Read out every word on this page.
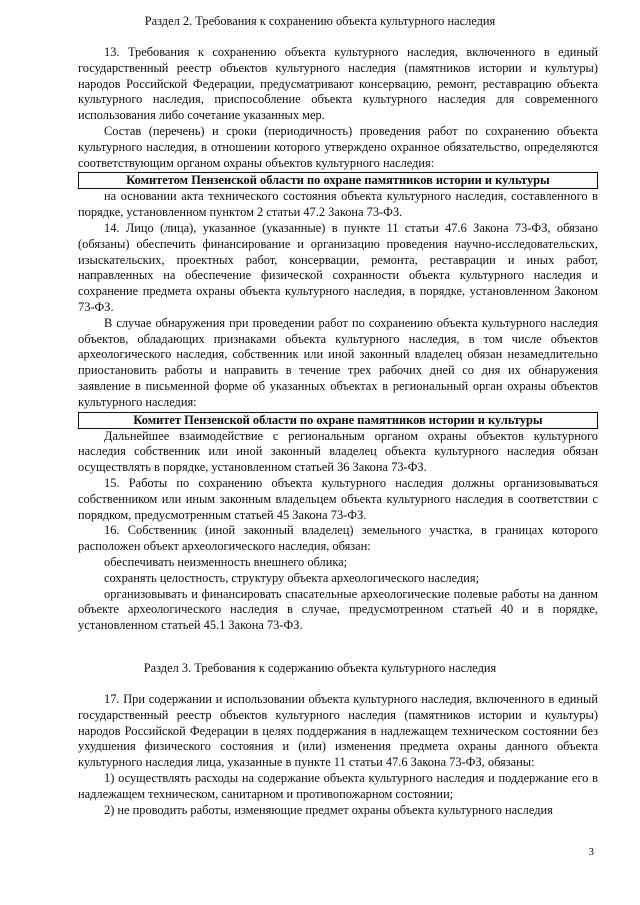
Раздел 2. Требования к сохранению объекта культурного наследия

13. Требования к сохранению объекта культурного наследия, включенного в единый государственный реестр объектов культурного наследия (памятников истории и культуры) народов Российской Федерации, предусматривают консервацию, ремонт, реставрацию объекта культурного наследия, приспособление объекта культурного наследия для современного использования либо сочетание указанных мер.

Состав (перечень) и сроки (периодичность) проведения работ по сохранению объекта культурного наследия, в отношении которого утверждено охранное обязательство, определяются соответствующим органом охраны объектов культурного наследия:

Комитетом Пензенской области по охране памятников истории и культуры

на основании акта технического состояния объекта культурного наследия, составленного в порядке, установленном пунктом 2 статьи 47.2 Закона 73-ФЗ.

14. Лицо (лица), указанное (указанные) в пункте 11 статьи 47.6 Закона 73-ФЗ, обязано (обязаны) обеспечить финансирование и организацию проведения научно-исследовательских, изыскательских, проектных работ, консервации, ремонта, реставрации и иных работ, направленных на обеспечение физической сохранности объекта культурного наследия и сохранение предмета охраны объекта культурного наследия, в порядке, установленном Законом 73-ФЗ.

В случае обнаружения при проведении работ по сохранению объекта культурного наследия объектов, обладающих признаками объекта культурного наследия, в том числе объектов археологического наследия, собственник или иной законный владелец обязан незамедлительно приостановить работы и направить в течение трех рабочих дней со дня их обнаружения заявление в письменной форме об указанных объектах в региональный орган охраны объектов культурного наследия:

Комитет Пензенской области по охране памятников истории и культуры

Дальнейшее взаимодействие с региональным органом охраны объектов культурного наследия собственник или иной законный владелец объекта культурного наследия обязан осуществлять в порядке, установленном статьей 36 Закона 73-ФЗ.

15. Работы по сохранению объекта культурного наследия должны организовываться собственником или иным законным владельцем объекта культурного наследия в соответствии с порядком, предусмотренным статьей 45 Закона 73-ФЗ.

16. Собственник (иной законный владелец) земельного участка, в границах которого расположен объект археологического наследия, обязан:

обеспечивать неизменность внешнего облика;

сохранять целостность, структуру объекта археологического наследия;

организовывать и финансировать спасательные археологические полевые работы на данном объекте археологического наследия в случае, предусмотренном статьей 40 и в порядке, установленном статьей 45.1 Закона 73-ФЗ.

Раздел 3. Требования к содержанию объекта культурного наследия

17. При содержании и использовании объекта культурного наследия, включенного в единый государственный реестр объектов культурного наследия (памятников истории и культуры) народов Российской Федерации в целях поддержания в надлежащем техническом состоянии без ухудшения физического состояния и (или) изменения предмета охраны данного объекта культурного наследия лица, указанные в пункте 11 статьи 47.6 Закона 73-ФЗ, обязаны:

1) осуществлять расходы на содержание объекта культурного наследия и поддержание его в надлежащем техническом, санитарном и противопожарном состоянии;

2) не проводить работы, изменяющие предмет охраны объекта культурного наследия

3
